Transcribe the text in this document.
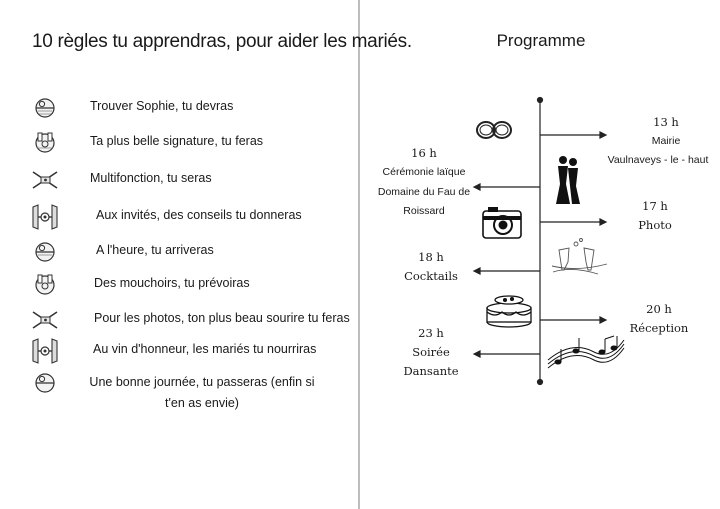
10 règles tu apprendras, pour aider les mariés.
Trouver Sophie, tu devras
Ta plus belle signature, tu feras
Multifonction, tu seras
Aux invités, des conseils tu donneras
A l'heure, tu arriveras
Des mouchoirs, tu prévoiras
Pour les photos, ton plus beau sourire tu feras
Au vin d'honneur, les mariés tu nourriras
Une bonne journée, tu passeras (enfin si t'en as envie)
Programme
13 h
Mairie
Vaulnaveys - le - haut
16 h
Cérémonie laïque
Domaine du Fau de
Roissard	17 h
Photo
18 h
Cocktails
20 h
Réception
23 h
Soirée
Dansante
